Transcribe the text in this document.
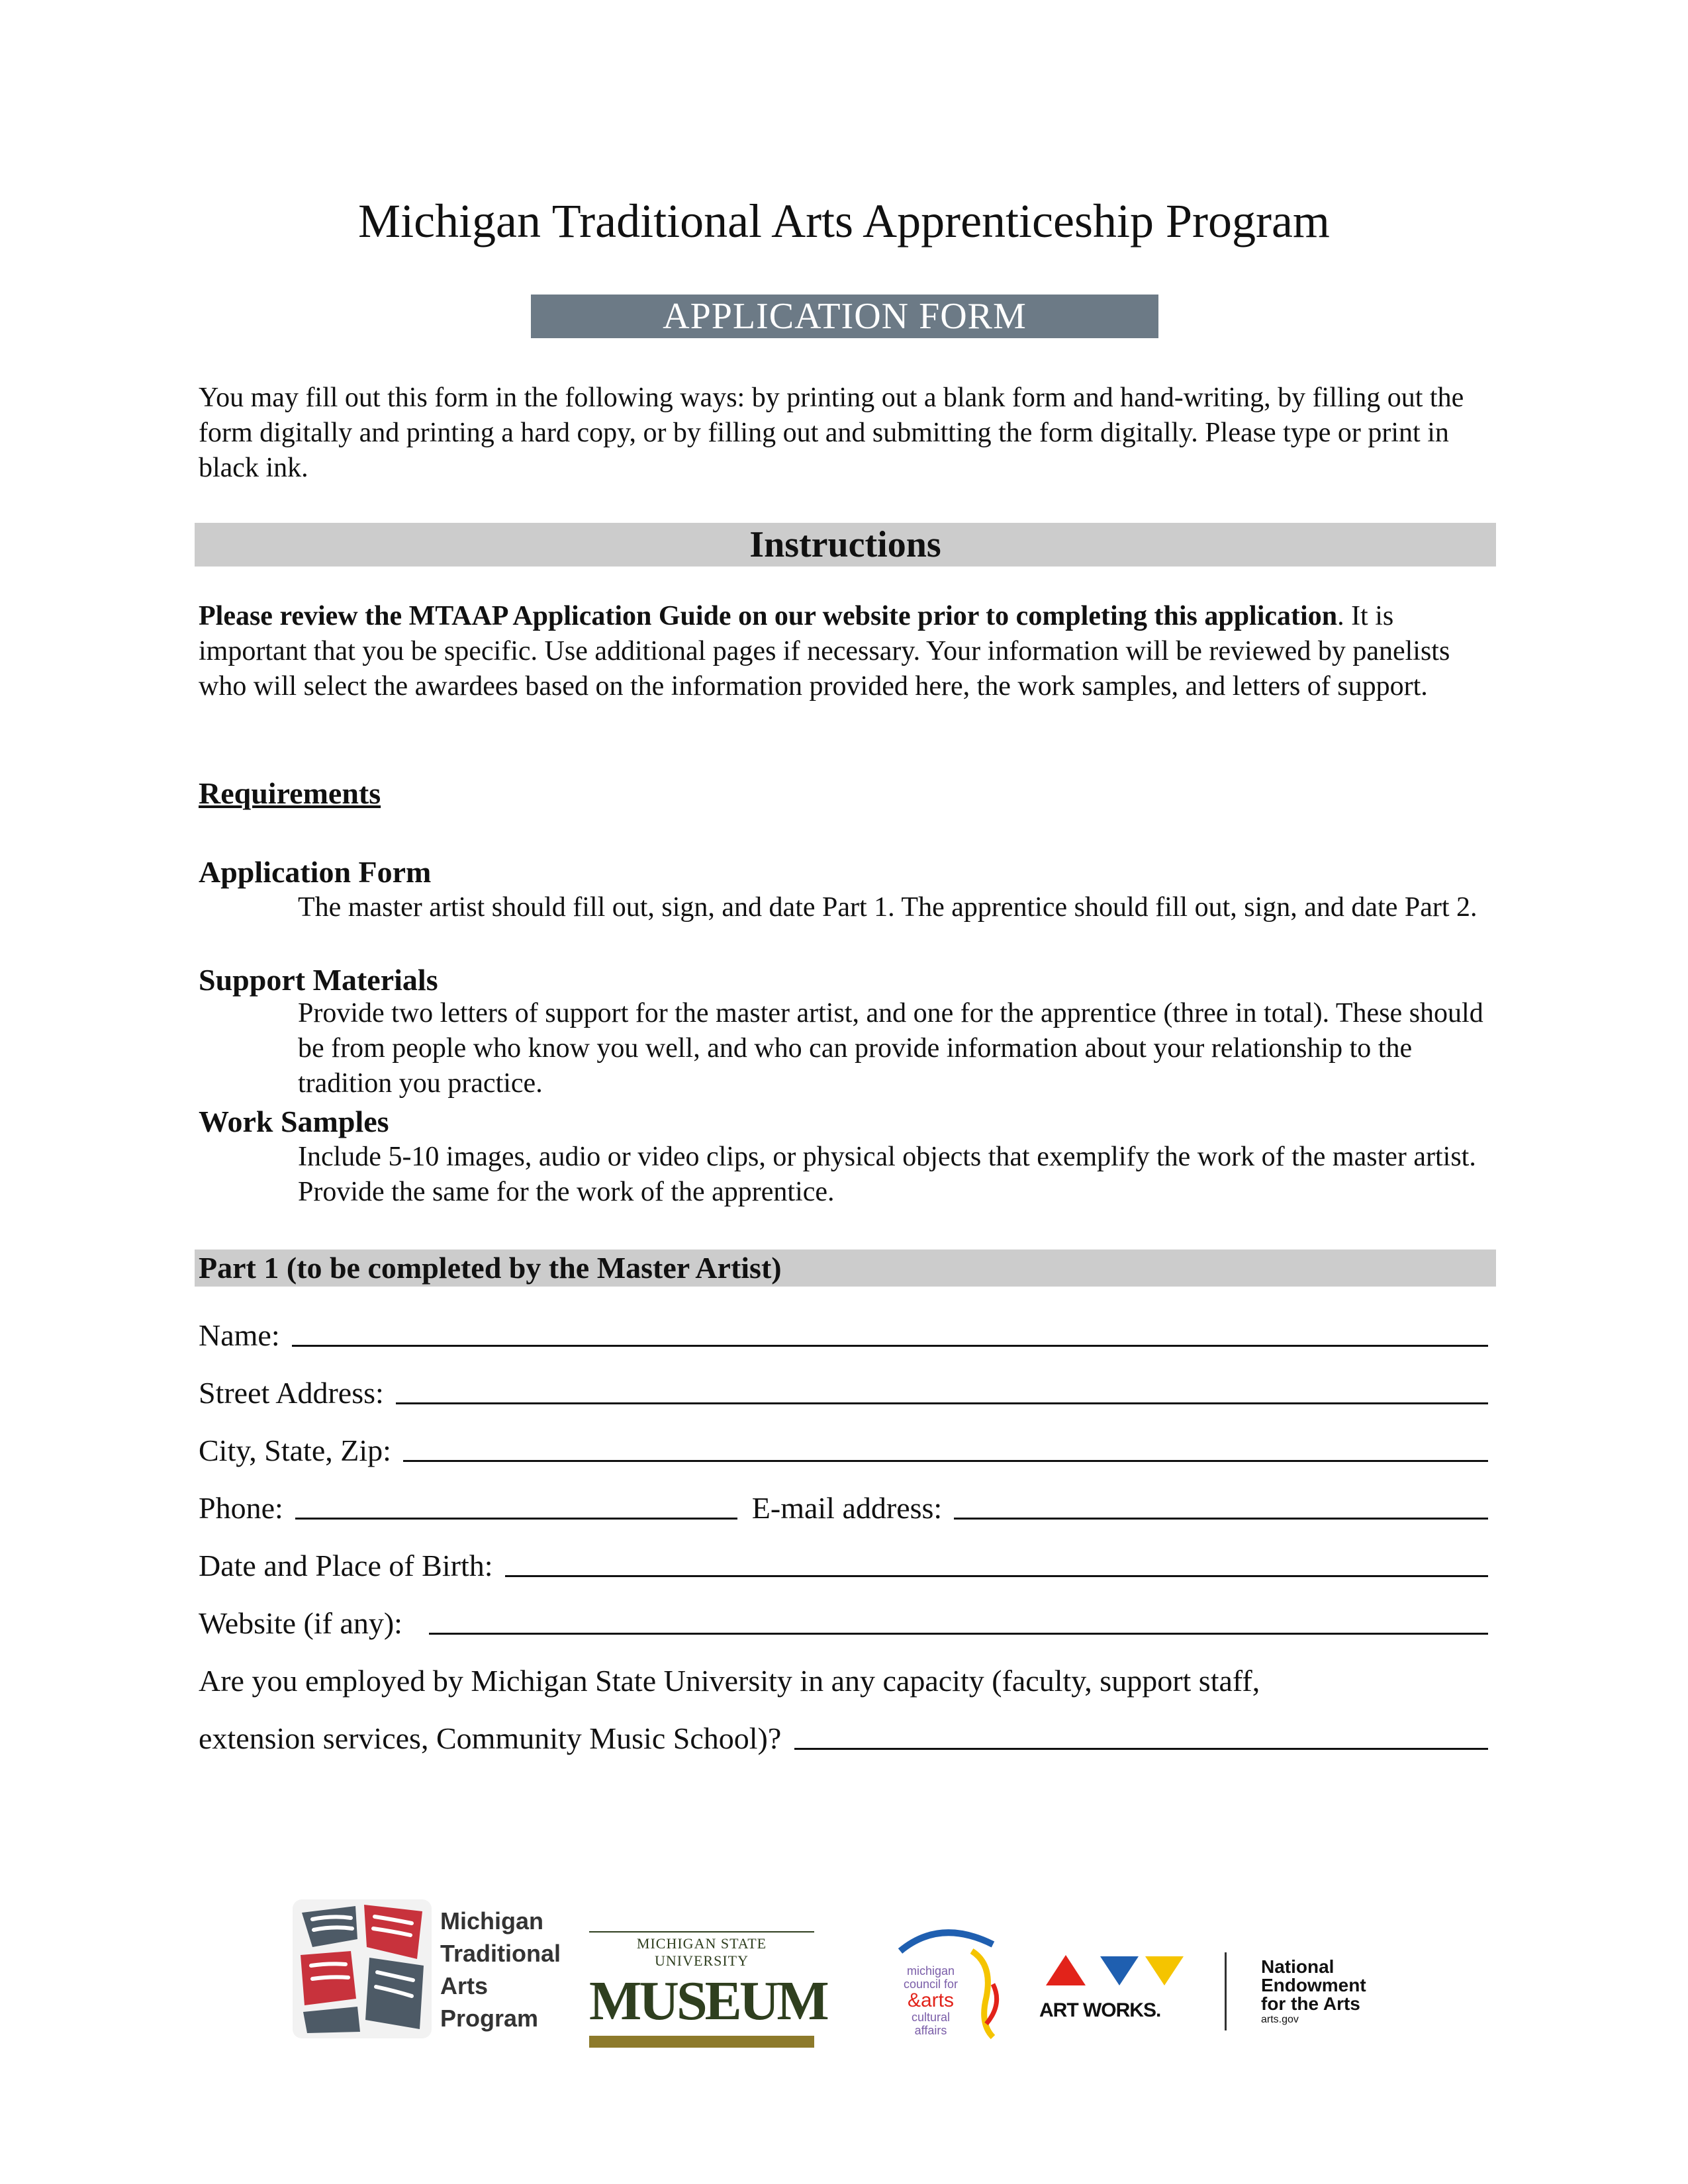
Michigan Traditional Arts Apprenticeship Program
APPLICATION FORM

You may fill out this form in the following ways: by printing out a blank form and hand-writing, by filling out the form digitally and printing a hard copy, or by filling out and submitting the form digitally. Please type or print in black ink.

Instructions

Please review the MTAAP Application Guide on our website prior to completing this application. It is important that you be specific. Use additional pages if necessary. Your information will be reviewed by panelists who will select the awardees based on the information provided here, the work samples, and letters of support.

Requirements
Application Form
The master artist should fill out, sign, and date Part 1. The apprentice should fill out, sign, and date Part 2.
Support Materials
Provide two letters of support for the master artist, and one for the apprentice (three in total). These should be from people who know you well, and who can provide information about your relationship to the tradition you practice.
Work Samples
Include 5-10 images, audio or video clips, or physical objects that exemplify the work of the master artist. Provide the same for the work of the apprentice.
Part 1 (to be completed by the Master Artist)
Name:
Street Address:
City, State, Zip:
Phone:	E-mail address:
Date and Place of Birth:
Website (if any):
Are you employed by Michigan State University in any capacity (faculty, support staff,
extension services, Community Music School)?
Michigan
Traditional
Arts
Program
MICHIGAN STATE UNIVERSITY
MUSEUM	michigan
council for
&arts
cultural
affairs
ART WORKS.
National
Endowment
for the Arts
arts.gov
